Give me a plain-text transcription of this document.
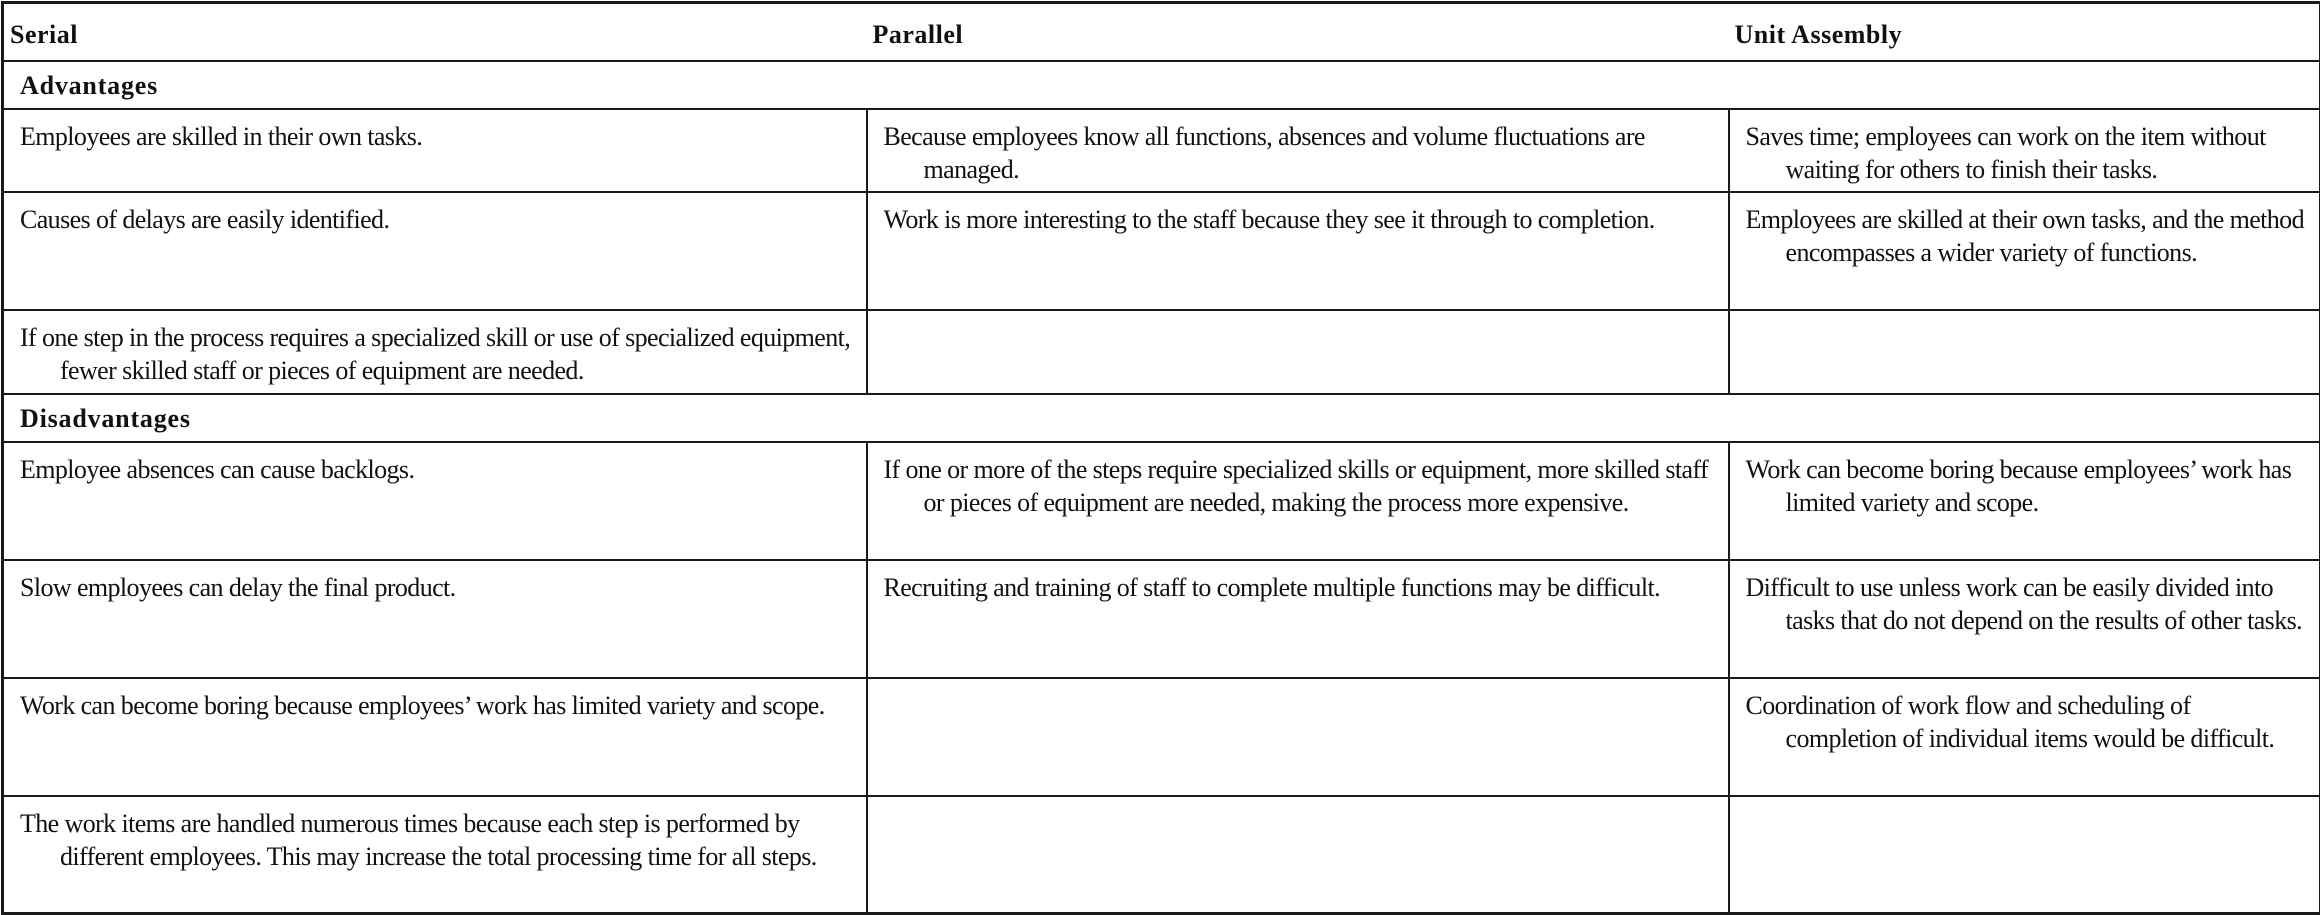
Serial	Parallel	Unit Assembly
Advantages		

Employees are skilled in their own tasks.	Because employees know all functions, absences and volume fluctuations are managed.	Saves time; employees can work on the item without waiting for others to finish their tasks.

Causes of delays are easily identified.	Work is more interesting to the staff because they see it through to completion.	Employees are skilled at their own tasks, and the method encompasses a wider variety of functions.

If one step in the process requires a specialized skill or use of specialized equipment, fewer skilled staff or pieces of equipment are needed.		

Disadvantages		

Employee absences can cause backlogs.	If one or more of the steps require specialized skills or equipment, more skilled staff or pieces of equipment are needed, making the process more expensive.	Work can become boring because employees’ work has limited variety and scope.

Slow employees can delay the final product.	Recruiting and training of staff to complete multiple functions may be difficult.	Difficult to use unless work can be easily divided into tasks that do not depend on the results of other tasks.

Work can become boring because employees’ work has limited variety and scope.		Coordination of work flow and scheduling of completion of individual items would be difficult.

The work items are handled numerous times because each step is performed by different employees. This may increase the total processing time for all steps.		
